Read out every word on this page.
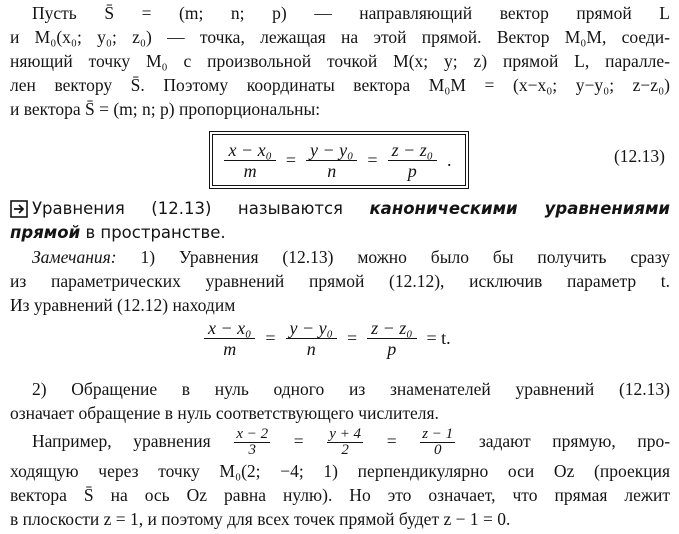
Пусть S̄ = (m; n; p) — направляющий вектор прямой L
и M₀(x₀; y₀; z₀) — точка, лежащая на этой прямой. Вектор M₀M, соеди-
няющий точку M₀ с произвольной точкой M(x; y; z) прямой L, паралле-
лен вектору S̄. Поэтому координаты вектора M₀M = (x−x₀; y−y₀; z−z₀)
и вектора S̄ = (m; n; p) пропорциональны:
$\frac{\text{x − x₀}}{m} = \frac{\text{y − y₀}}{n} = \frac{\text{z − z₀}}{p}$ .	(12.13)
Уравнения (12.13) называются каноническими уравнениями
прямой в пространстве.
Замечания: 1) Уравнения (12.13) можно было бы получить сразу
из параметрических уравнений прямой (12.12), исключив параметр t.
Из уравнений (12.12) находим
$\frac{\text{x − x₀}}{m} = \frac{\text{y − y₀}}{n} = \frac{\text{z − z₀}}{p} = t$.
2) Обращение в нуль одного из знаменателей уравнений (12.13)
означает обращение в нуль соответствующего числителя.
Например, уравнения $\frac{x - 2}{3} = \frac{y + 4}{2} = \frac{z - 1}{0}$ задают прямую, про-
ходящую через точку M₀(2; −4; 1) перпендикулярно оси Oz (проекция
вектора S̄ на ось Oz равна нулю). Но это означает, что прямая лежит
в плоскости z = 1, и поэтому для всех точек прямой будет z − 1 = 0.
